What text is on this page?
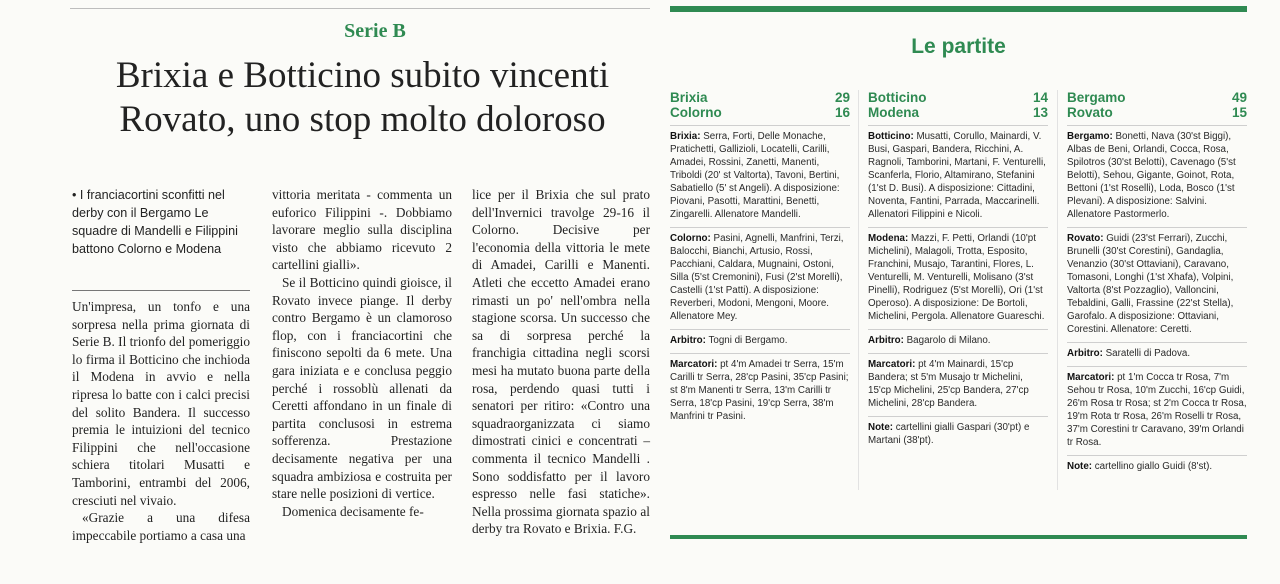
Serie B
Brixia e Botticino subito vincenti
Rovato, uno stop molto doloroso
• I franciacortini sconfitti nel derby con il Bergamo Le squadre di Mandelli e Filippini battono Colorno e Modena

Un'impresa, un tonfo e una sorpresa nella prima giornata di Serie B. Il trionfo del pomeriggio lo firma il Botticino che inchioda il Modena in avvio e nella ripresa lo batte con i calci precisi del solito Bandera. Il successo premia le intuizioni del tecnico Filippini che nell'occasione schiera titolari Musatti e Tamborini, entrambi del 2006, cresciuti nel vivaio.

«Grazie a una difesa impeccabile portiamo a casa una

vittoria meritata - commenta un euforico Filippini -. Dobbiamo lavorare meglio sulla disciplina visto che abbiamo ricevuto 2 cartellini gialli».

Se il Botticino quindi gioisce, il Rovato invece piange. Il derby contro Bergamo è un clamoroso flop, con i franciacortini che finiscono sepolti da 6 mete. Una gara iniziata e e conclusa peggio perché i rossoblù allenati da Ceretti affondano in un finale di partita conclusosi in estrema sofferenza. Prestazione decisamente negativa per una squadra ambiziosa e costruita per stare nelle posizioni di vertice.

Domenica decisamente fe-

lice per il Brixia che sul prato dell'Invernici travolge 29-16 il Colorno. Decisive per l'economia della vittoria le mete di Amadei, Carilli e Manenti. Atleti che eccetto Amadei erano rimasti un po' nell'ombra nella stagione scorsa. Un successo che sa di sorpresa perché la franchigia cittadina negli scorsi mesi ha mutato buona parte della rosa, perdendo quasi tutti i senatori per ritiro: «Contro una squadraorganizzata ci siamo dimostrati cinici e concentrati – commenta il tecnico Mandelli . Sono soddisfatto per il lavoro espresso nelle fasi statiche». Nella prossima giornata spazio al derby tra Rovato e Brixia. F.G.

Le partite
Brixia	29
Colorno	16
Brixia: Serra, Forti, Delle Monache, Pratichetti, Gallizioli, Locatelli, Carilli, Amadei, Rossini, Zanetti, Manenti, Triboldi (20' st Valtorta), Tavoni, Bertini, Sabatiello (5' st Angeli). A disposizione: Piovani, Pasotti, Marattini, Benetti, Zingarelli. Allenatore Mandelli.
Colorno: Pasini, Agnelli, Manfrini, Terzi, Balocchi, Bianchi, Artusio, Rossi, Pacchiani, Caldara, Mugnaini, Ostoni, Silla (5'st Cremonini), Fusi (2'st Morelli), Castelli (1'st Patti). A disposizione: Reverberi, Modoni, Mengoni, Moore. Allenatore Mey.
Arbitro: Togni di Bergamo.
Marcatori: pt 4'm Amadei tr Serra, 15'm Carilli tr Serra, 28'cp Pasini, 35'cp Pasini; st 8'm Manenti tr Serra, 13'm Carilli tr Serra, 18'cp Pasini, 19'cp Serra, 38'm Manfrini tr Pasini.
Botticino	14
Modena	13
Botticino: Musatti, Corullo, Mainardi, V. Busi, Gaspari, Bandera, Ricchini, A. Ragnoli, Tamborini, Martani, F. Venturelli, Scanferla, Florio, Altamirano, Stefanini (1'st D. Busi). A disposizione: Cittadini, Noventa, Fantini, Parrada, Maccarinelli. Allenatori Filippini e Nicoli.
Modena: Mazzi, F. Petti, Orlandi (10'pt Michelini), Malagoli, Trotta, Esposito, Franchini, Musajo, Tarantini, Flores, L. Venturelli, M. Venturelli, Molisano (3'st Pinelli), Rodriguez (5'st Morelli), Ori (1'st Operoso). A disposizione: De Bortoli, Michelini, Pergola. Allenatore Guareschi.
Arbitro: Bagarolo di Milano.
Marcatori: pt 4'm Mainardi, 15'cp Bandera; st 5'm Musajo tr Michelini, 15'cp Michelini, 25'cp Bandera, 27'cp Michelini, 28'cp Bandera.
Note: cartellini gialli Gaspari (30'pt) e Martani (38'pt).
Bergamo	49
Rovato	15
Bergamo: Bonetti, Nava (30'st Biggi), Albas de Beni, Orlandi, Cocca, Rosa, Spilotros (30'st Belotti), Cavenago (5'st Belotti), Sehou, Gigante, Goinot, Rota, Bettoni (1'st Roselli), Loda, Bosco (1'st Plevani). A disposizione: Salvini. Allenatore Pastormerlo.
Rovato: Guidi (23'st Ferrari), Zucchi, Brunelli (30'st Corestini), Gandaglia, Venanzio (30'st Ottaviani), Caravano, Tomasoni, Longhi (1'st Xhafa), Volpini, Valtorta (8'st Pozzaglio), Valloncini, Tebaldini, Galli, Frassine (22'st Stella), Garofalo. A disposizione: Ottaviani, Corestini. Allenatore: Ceretti.
Arbitro: Saratelli di Padova.
Marcatori: pt 1'm Cocca tr Rosa, 7'm Sehou tr Rosa, 10'm Zucchi, 16'cp Guidi, 26'm Rosa tr Rosa; st 2'm Cocca tr Rosa, 19'm Rota tr Rosa, 26'm Roselli tr Rosa, 37'm Corestini tr Caravano, 39'm Orlandi tr Rosa.
Note: cartellino giallo Guidi (8'st).
